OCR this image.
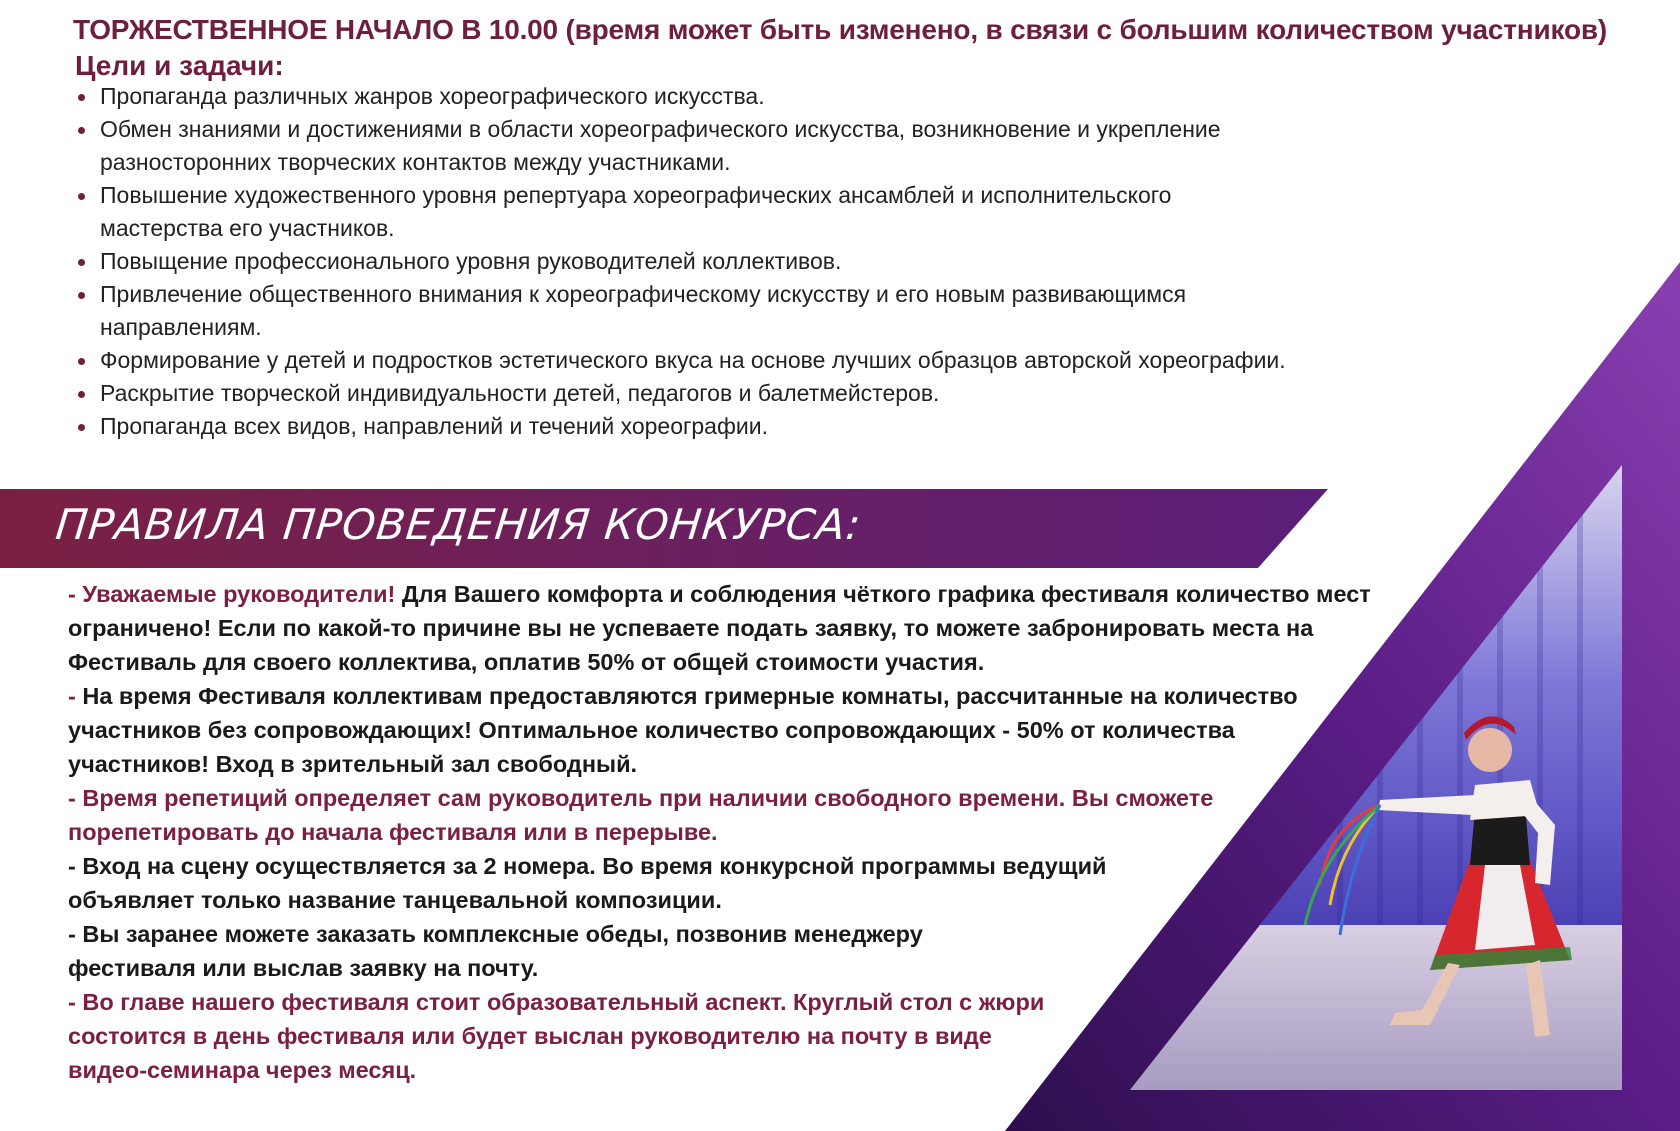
ТОРЖЕСТВЕННОЕ НАЧАЛО В 10.00 (время может быть изменено, в связи с большим количеством участников)
Цели и задачи:
Пропаганда различных жанров хореографического искусства.
Обмен знаниями и достижениями в области хореографического искусства, возникновение и укрепление разносторонних творческих контактов между участниками.
Повышение художественного уровня репертуара хореографических ансамблей и исполнительского мастерства его участников.
Повыщение профессионального уровня руководителей коллективов.
Привлечение общественного внимания к хореографическому искусству и его новым развивающимся направлениям.
Формирование у детей и подростков эстетического вкуса на основе лучших образцов авторской хореографии.
Раскрытие творческой индивидуальности детей, педагогов и балетмейстеров.
Пропаганда всех видов, направлений и течений хореографии.
ПРАВИЛА ПРОВЕДЕНИЯ КОНКУРСА:

- Уважаемые руководители! Для Вашего комфорта и соблюдения чёткого графика фестиваля количество мест
ограничено! Если по какой-то причине вы не успеваете подать заявку, то можете забронировать места на
Фестиваль для своего коллектива, оплатив 50% от общей стоимости участия.

- На время Фестиваля коллективам предоставляются гримерные комнаты, рассчитанные на количество
участников без сопровождающих! Оптимальное количество сопровождающих - 50% от количества
участников! Вход в зрительный зал свободный.

- Время репетиций определяет сам руководитель при наличии свободного времени. Вы сможете
порепетировать до начала фестиваля или в перерыве.

- Вход на сцену осуществляется за 2 номера. Во время конкурсной программы ведущий
объявляет только название танцевальной композиции.

- Вы заранее можете заказать комплексные обеды, позвонив менеджеру
фестиваля или выслав заявку на почту.

- Во главе нашего фестиваля стоит образовательный аспект. Круглый стол с жюри
состоится в день фестиваля или будет выслан руководителю на почту в виде
видео-семинара через месяц.
